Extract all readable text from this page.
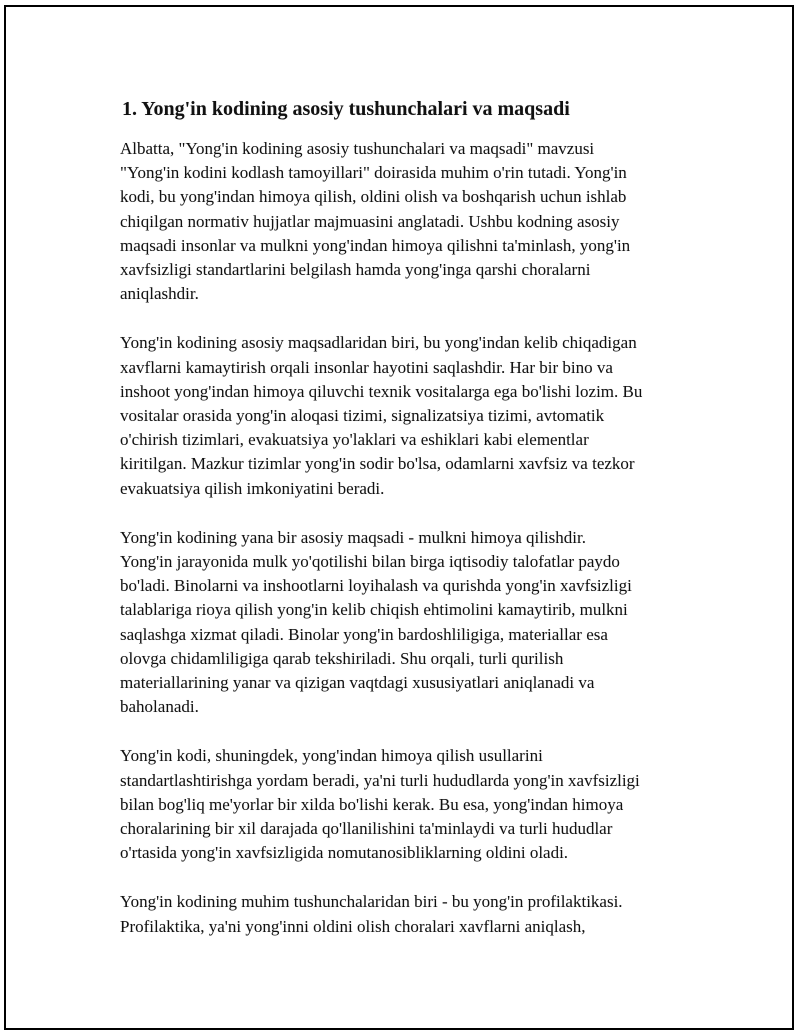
1. Yong'in kodining asosiy tushunchalari va maqsadi
Albatta, "Yong'in kodining asosiy tushunchalari va maqsadi" mavzusi
"Yong'in kodini kodlash tamoyillari" doirasida muhim o'rin tutadi. Yong'in
kodi, bu yong'indan himoya qilish, oldini olish va boshqarish uchun ishlab
chiqilgan normativ hujjatlar majmuasini anglatadi. Ushbu kodning asosiy
maqsadi insonlar va mulkni yong'indan himoya qilishni ta'minlash, yong'in
xavfsizligi standartlarini belgilash hamda yong'inga qarshi choralarni
aniqlashdir.
Yong'in kodining asosiy maqsadlaridan biri, bu yong'indan kelib chiqadigan
xavflarni kamaytirish orqali insonlar hayotini saqlashdir. Har bir bino va
inshoot yong'indan himoya qiluvchi texnik vositalarga ega bo'lishi lozim. Bu
vositalar orasida yong'in aloqasi tizimi, signalizatsiya tizimi, avtomatik
o'chirish tizimlari, evakuatsiya yo'laklari va eshiklari kabi elementlar
kiritilgan. Mazkur tizimlar yong'in sodir bo'lsa, odamlarni xavfsiz va tezkor
evakuatsiya qilish imkoniyatini beradi.
Yong'in kodining yana bir asosiy maqsadi - mulkni himoya qilishdir.
Yong'in jarayonida mulk yo'qotilishi bilan birga iqtisodiy talofatlar paydo
bo'ladi. Binolarni va inshootlarni loyihalash va qurishda yong'in xavfsizligi
talablariga rioya qilish yong'in kelib chiqish ehtimolini kamaytirib, mulkni
saqlashga xizmat qiladi. Binolar yong'in bardoshliligiga, materiallar esa
olovga chidamliligiga qarab tekshiriladi. Shu orqali, turli qurilish
materiallarining yanar va qizigan vaqtdagi xususiyatlari aniqlanadi va
baholanadi.
Yong'in kodi, shuningdek, yong'indan himoya qilish usullarini
standartlashtirishga yordam beradi, ya'ni turli hududlarda yong'in xavfsizligi
bilan bog'liq me'yorlar bir xilda bo'lishi kerak. Bu esa, yong'indan himoya
choralarining bir xil darajada qo'llanilishini ta'minlaydi va turli hududlar
o'rtasida yong'in xavfsizligida nomutanosibliklarning oldini oladi.
Yong'in kodining muhim tushunchalaridan biri - bu yong'in profilaktikasi.
Profilaktika, ya'ni yong'inni oldini olish choralari xavflarni aniqlash,
